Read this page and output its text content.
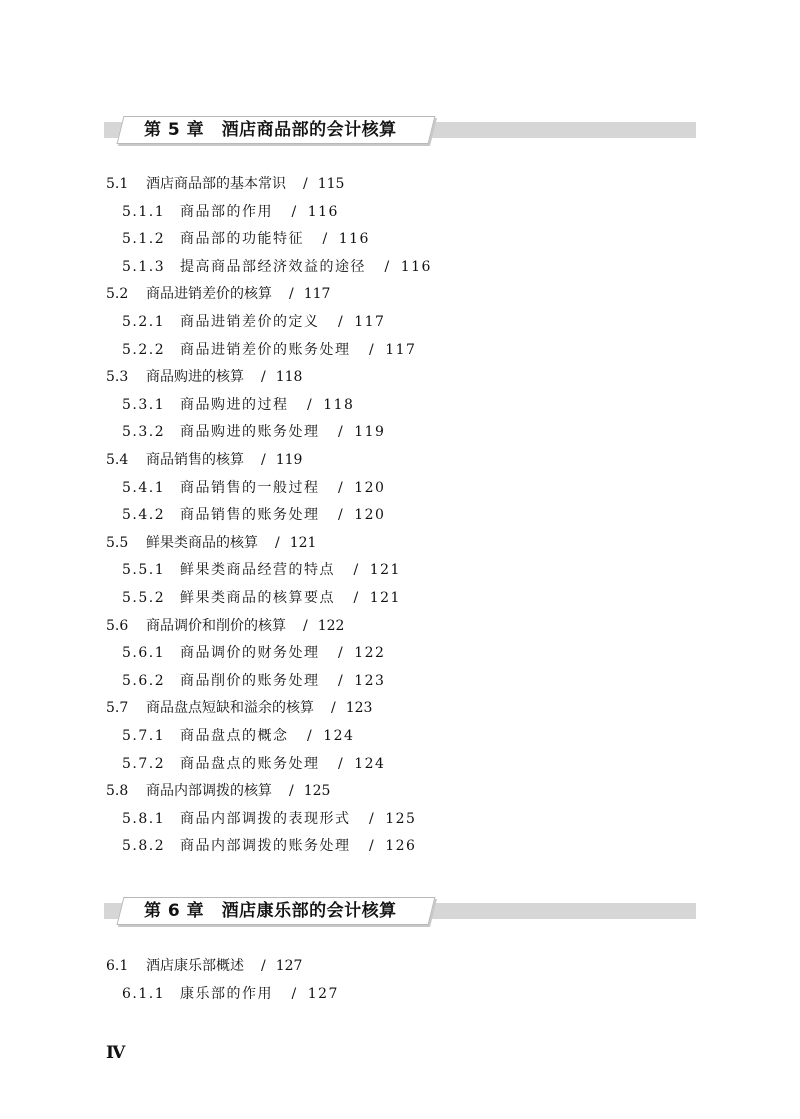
第 5 章　酒店商品部的会计核算
第 6 章　酒店康乐部的会计核算
5.1 酒店商品部的基本常识  / 115
5.1.1 商品部的作用  / 116
5.1.2 商品部的功能特征  / 116
5.1.3 提高商品部经济效益的途径  / 116
5.2 商品进销差价的核算  / 117
5.2.1 商品进销差价的定义  / 117
5.2.2 商品进销差价的账务处理  / 117
5.3 商品购进的核算  / 118
5.3.1 商品购进的过程  / 118
5.3.2 商品购进的账务处理  / 119
5.4 商品销售的核算  / 119
5.4.1 商品销售的一般过程  / 120
5.4.2 商品销售的账务处理  / 120
5.5 鲜果类商品的核算  / 121
5.5.1 鲜果类商品经营的特点  / 121
5.5.2 鲜果类商品的核算要点  / 121
5.6 商品调价和削价的核算  / 122
5.6.1 商品调价的财务处理  / 122
5.6.2 商品削价的账务处理  / 123
5.7 商品盘点短缺和溢余的核算  / 123
5.7.1 商品盘点的概念  / 124
5.7.2 商品盘点的账务处理  / 124
5.8 商品内部调拨的核算  / 125
5.8.1 商品内部调拨的表现形式  / 125
5.8.2 商品内部调拨的账务处理  / 126
6.1 酒店康乐部概述  / 127
6.1.1 康乐部的作用  / 127
Ⅳ
